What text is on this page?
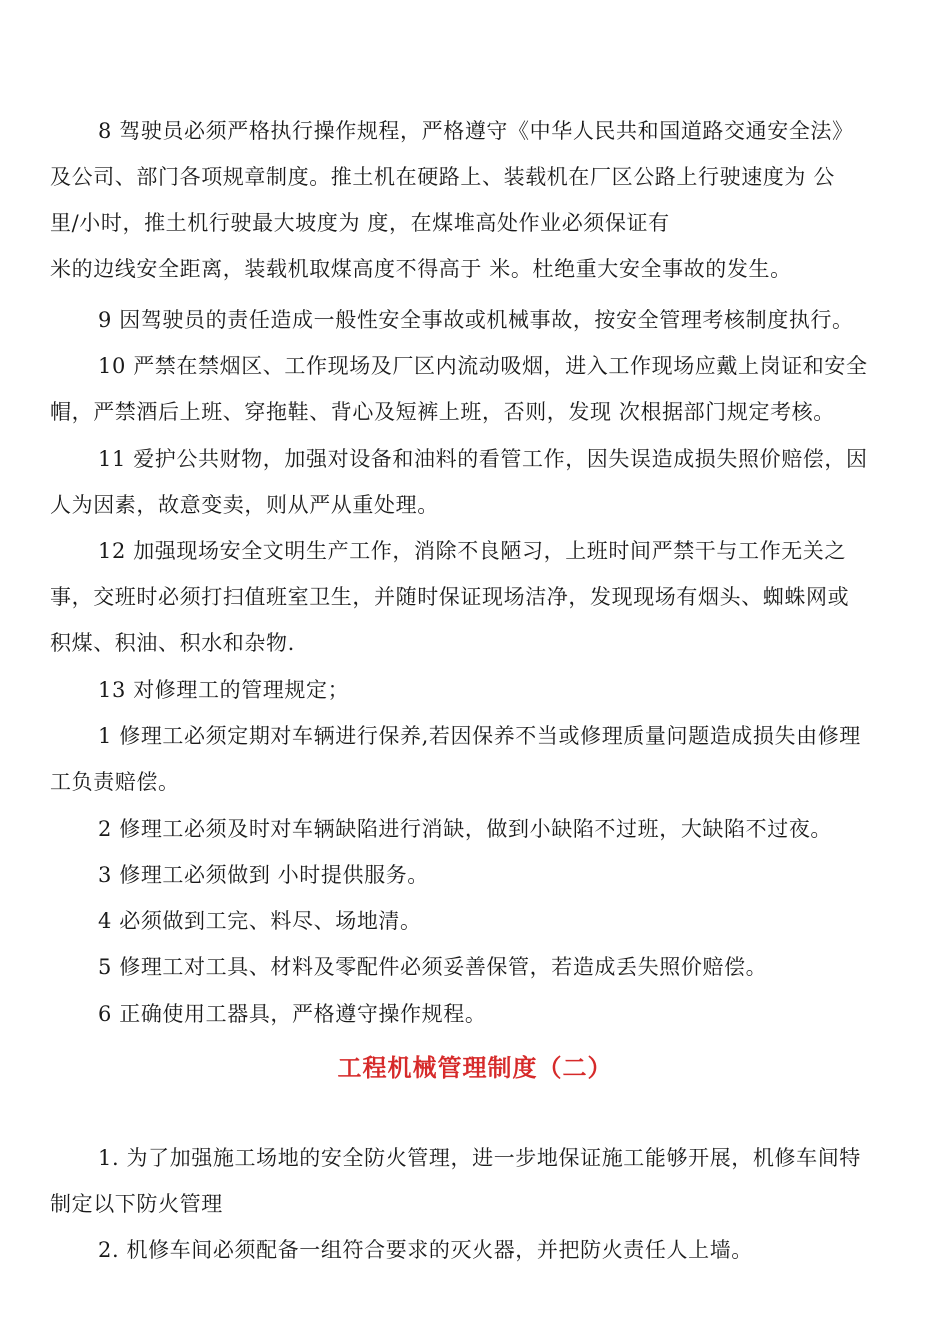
8 驾驶员必须严格执行操作规程，严格遵守《中华人民共和国道路交通安全法》
及公司、部门各项规章制度。推土机在硬路上、装载机在厂区公路上行驶速度为 公
里/小时，推土机行驶最大坡度为 度，在煤堆高处作业必须保证有
米的边线安全距离，装载机取煤高度不得高于 米。杜绝重大安全事故的发生。

9 因驾驶员的责任造成一般性安全事故或机械事故，按安全管理考核制度执行。

10 严禁在禁烟区、工作现场及厂区内流动吸烟，进入工作现场应戴上岗证和安全
帽，严禁酒后上班、穿拖鞋、背心及短裤上班，否则，发现 次根据部门规定考核。

11 爱护公共财物，加强对设备和油料的看管工作，因失误造成损失照价赔偿，因
人为因素，故意变卖，则从严从重处理。

12 加强现场安全文明生产工作，消除不良陋习，上班时间严禁干与工作无关之
事，交班时必须打扫值班室卫生，并随时保证现场洁净，发现现场有烟头、蜘蛛网或
积煤、积油、积水和杂物.

13 对修理工的管理规定；

1 修理工必须定期对车辆进行保养,若因保养不当或修理质量问题造成损失由修理
工负责赔偿。

2 修理工必须及时对车辆缺陷进行消缺，做到小缺陷不过班，大缺陷不过夜。

3 修理工必须做到 小时提供服务。

4 必须做到工完、料尽、场地清。

5 修理工对工具、材料及零配件必须妥善保管，若造成丢失照价赔偿。

6 正确使用工器具，严格遵守操作规程。

工程机械管理制度（二）

1. 为了加强施工场地的安全防火管理，进一步地保证施工能够开展，机修车间特
制定以下防火管理

2. 机修车间必须配备一组符合要求的灭火器，并把防火责任人上墙。
